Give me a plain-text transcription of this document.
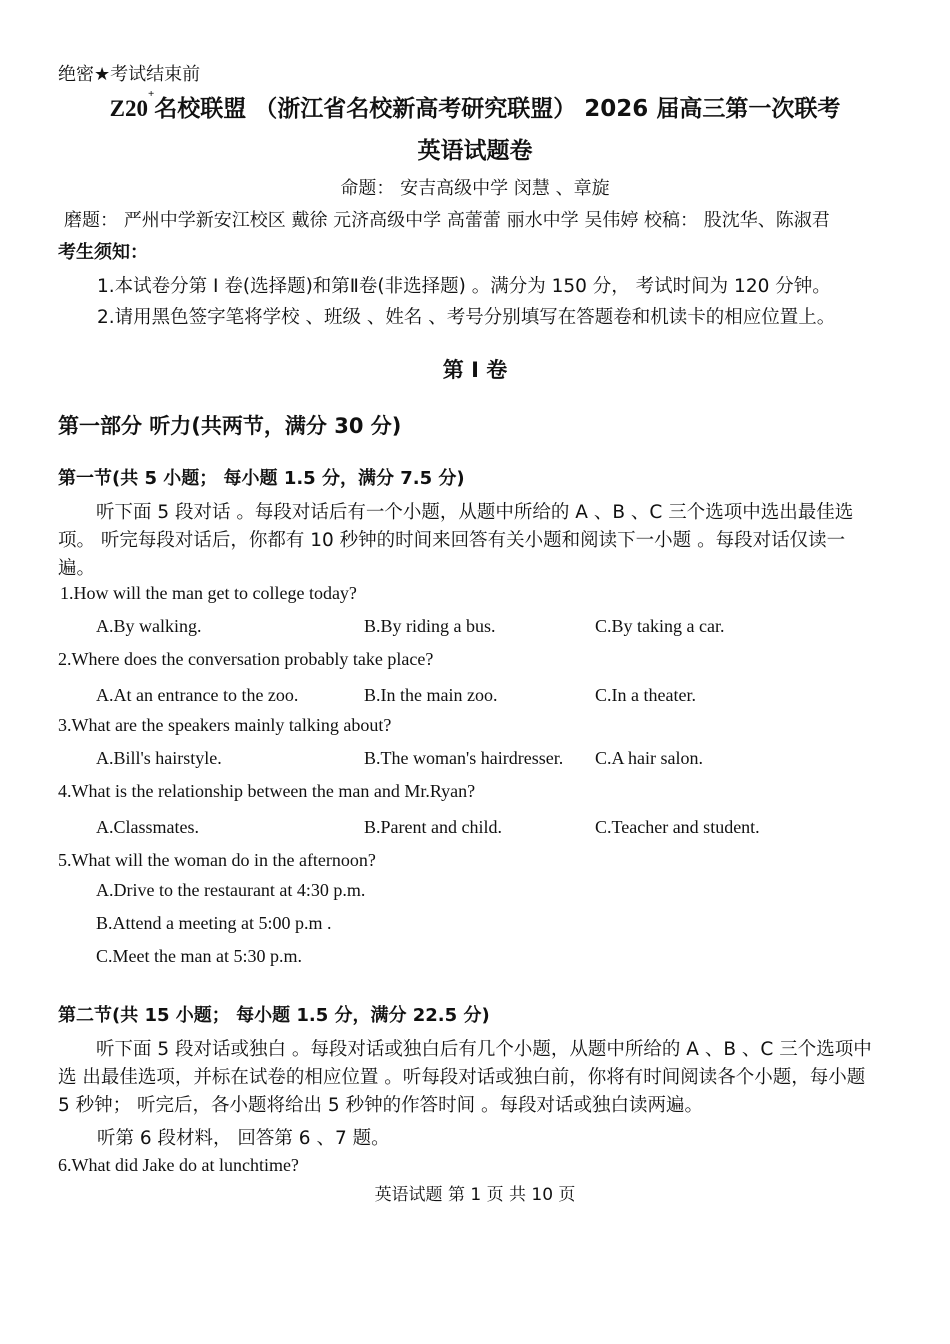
绝密★考试结束前
Z20+名校联盟 （浙江省名校新高考研究联盟） 2026 届高三第一次联考
英语试题卷
命题： 安吉高级中学 闵慧 、章旋
磨题： 严州中学新安江校区 戴徐 元济高级中学 高蕾蕾 丽水中学 吴伟婷 校稿： 股沈华、陈淑君
考生须知：
1.本试卷分第 I 卷(选择题)和第Ⅱ卷(非选择题) 。满分为 150 分， 考试时间为 120 分钟。
2.请用黑色签字笔将学校 、班级 、姓名 、考号分别填写在答题卷和机读卡的相应位置上。
第 I 卷
第一部分 听力(共两节，满分 30 分)
第一节(共 5 小题； 每小题 1.5 分，满分 7.5 分)

听下面 5 段对话 。每段对话后有一个小题，从题中所给的 A 、B 、C 三个选项中选出最佳选项。 听完每段对话后，你都有 10 秒钟的时间来回答有关小题和阅读下一小题 。每段对话仅读一遍。

1.How will the man get to college today?
A.By walking.	B.By riding a bus.	C.By taking a car.
2.Where does the conversation probably take place?
A.At an entrance to the zoo.	B.In the main zoo.	C.In a theater.
3.What are the speakers mainly talking about?
A.Bill's hairstyle.	B.The woman's hairdresser. C.A hair salon.
4.What is the relationship between the man and Mr.Ryan?
A.Classmates.	B.Parent and child.	C.Teacher and student.
5.What will the woman do in the afternoon?
A.Drive to the restaurant at 4:30 p.m.
B.Attend a meeting at 5:00 p.m .
C.Meet the man at 5:30 p.m.
第二节(共 15 小题； 每小题 1.5 分，满分 22.5 分)

听下面 5 段对话或独白 。每段对话或独白后有几个小题，从题中所给的 A 、B 、C 三个选项中选 出最佳选项，并标在试卷的相应位置 。听每段对话或独白前，你将有时间阅读各个小题，每小题 5 秒钟； 听完后，各小题将给出 5 秒钟的作答时间 。每段对话或独白读两遍。

听第 6 段材料， 回答第 6 、7 题。
6.What did Jake do at lunchtime?
英语试题 第 1 页 共 10 页
